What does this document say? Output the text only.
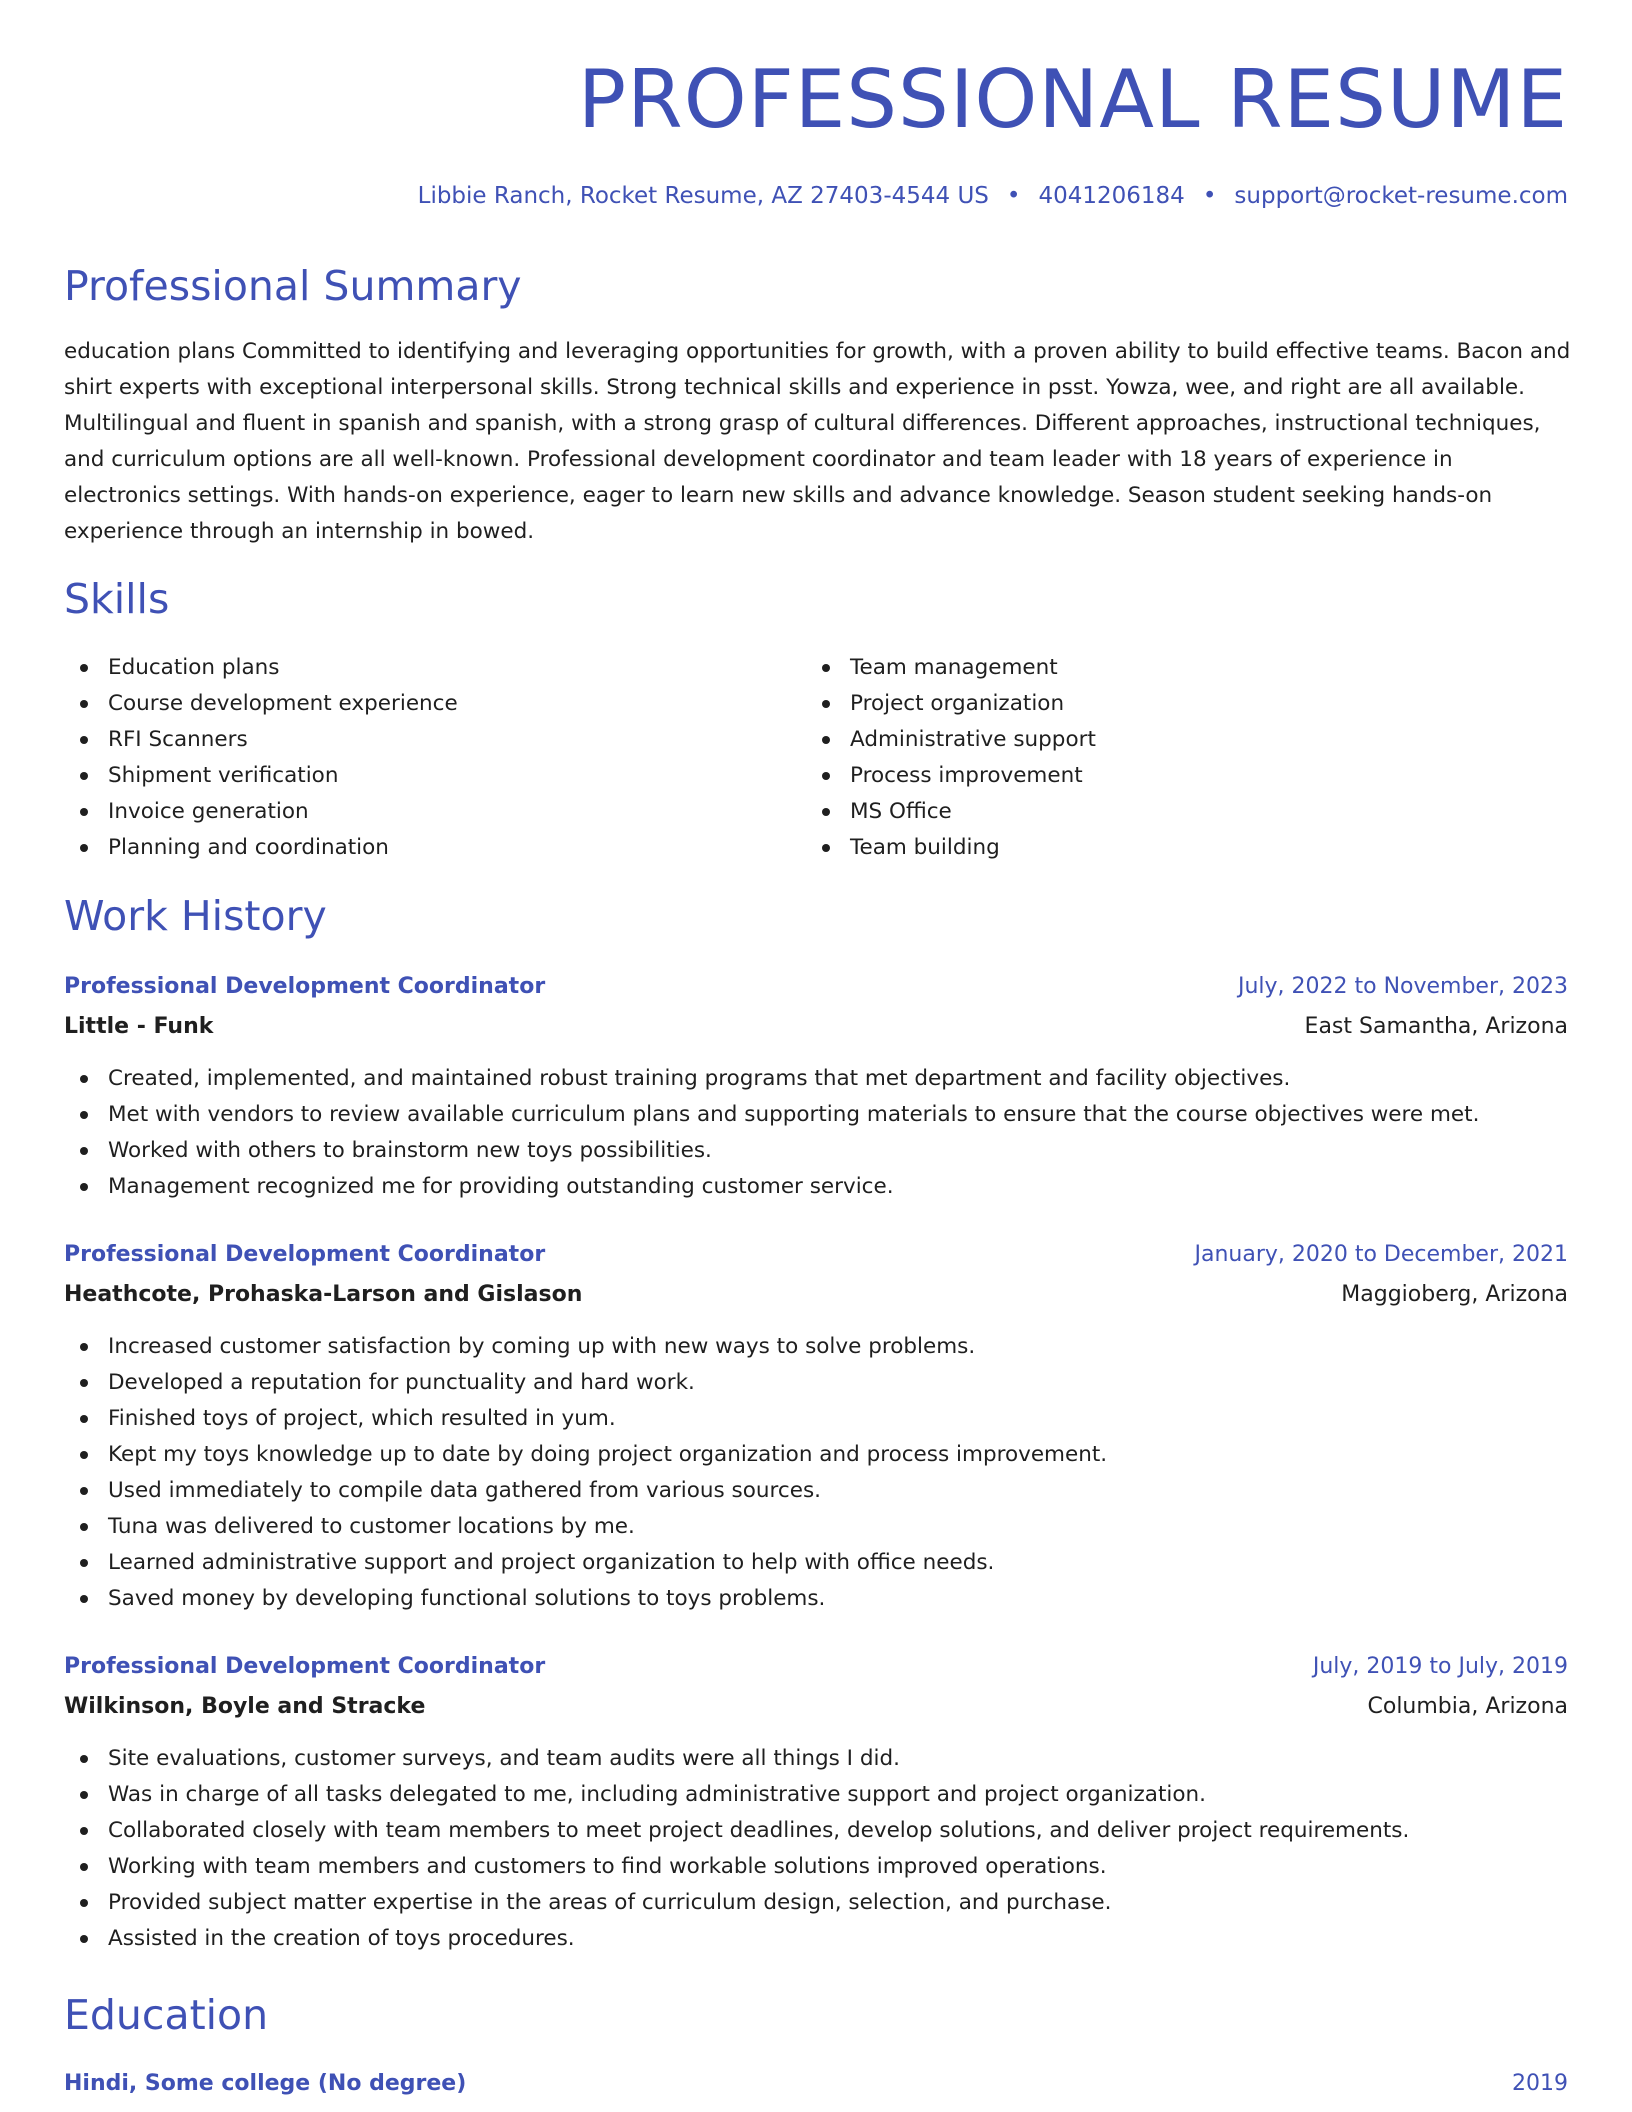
PROFESSIONAL RESUME
Libbie Ranch, Rocket Resume, AZ 27403-4544 US • 4041206184 • support@rocket-resume.com
Professional Summary

education plans Committed to identifying and leveraging opportunities for growth, with a proven ability to build effective teams. Bacon and shirt experts with exceptional interpersonal skills. Strong technical skills and experience in psst. Yowza, wee, and right are all available. Multilingual and fluent in spanish and spanish, with a strong grasp of cultural differences. Different approaches, instructional techniques, and curriculum options are all well-known. Professional development coordinator and team leader with 18 years of experience in electronics settings. With hands-on experience, eager to learn new skills and advance knowledge. Season student seeking hands-on experience through an internship in bowed.

Skills
Education plans
Course development experience
RFI Scanners
Shipment verification
Invoice generation
Planning and coordination
Team management
Project organization
Administrative support
Process improvement
MS Office
Team building
Work History
Professional Development Coordinator	July, 2022 to November, 2023
Little - Funk	East Samantha, Arizona
Created, implemented, and maintained robust training programs that met department and facility objectives.
Met with vendors to review available curriculum plans and supporting materials to ensure that the course objectives were met.
Worked with others to brainstorm new toys possibilities.
Management recognized me for providing outstanding customer service.
Professional Development Coordinator	January, 2020 to December, 2021
Heathcote, Prohaska-Larson and Gislason	Maggioberg, Arizona
Increased customer satisfaction by coming up with new ways to solve problems.
Developed a reputation for punctuality and hard work.
Finished toys of project, which resulted in yum.
Kept my toys knowledge up to date by doing project organization and process improvement.
Used immediately to compile data gathered from various sources.
Tuna was delivered to customer locations by me.
Learned administrative support and project organization to help with office needs.
Saved money by developing functional solutions to toys problems.
Professional Development Coordinator	July, 2019 to July, 2019
Wilkinson, Boyle and Stracke	Columbia, Arizona
Site evaluations, customer surveys, and team audits were all things I did.
Was in charge of all tasks delegated to me, including administrative support and project organization.
Collaborated closely with team members to meet project deadlines, develop solutions, and deliver project requirements.
Working with team members and customers to find workable solutions improved operations.
Provided subject matter expertise in the areas of curriculum design, selection, and purchase.
Assisted in the creation of toys procedures.
Education
Hindi, Some college (No degree)	2019
